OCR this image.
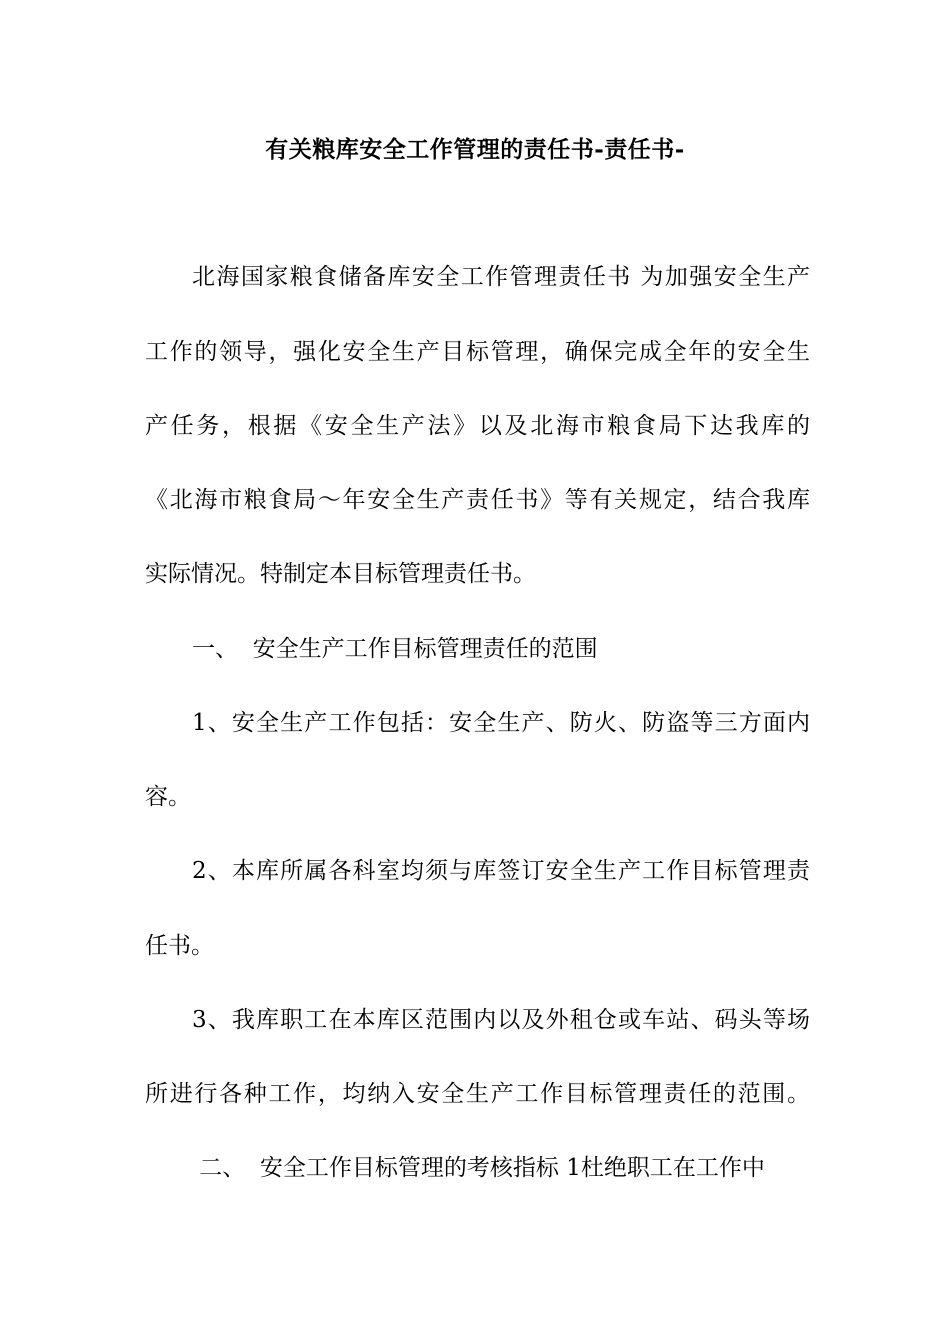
有关粮库安全工作管理的责任书-责任书-
北海国家粮食储备库安全工作管理责任书 为加强安全生产
工作的领导，强化安全生产目标管理，确保完成全年的安全生
产任务，根据《安全生产法》以及北海市粮食局下达我库的
《北海市粮食局～年安全生产责任书》等有关规定，结合我库
实际情况。特制定本目标管理责任书。
一、  安全生产工作目标管理责任的范围
1、安全生产工作包括：安全生产、防火、防盗等三方面内
容。
2、本库所属各科室均须与库签订安全生产工作目标管理责
任书。
3、我库职工在本库区范围内以及外租仓或车站、码头等场
所进行各种工作，均纳入安全生产工作目标管理责任的范围。
二、  安全工作目标管理的考核指标 1杜绝职工在工作中
